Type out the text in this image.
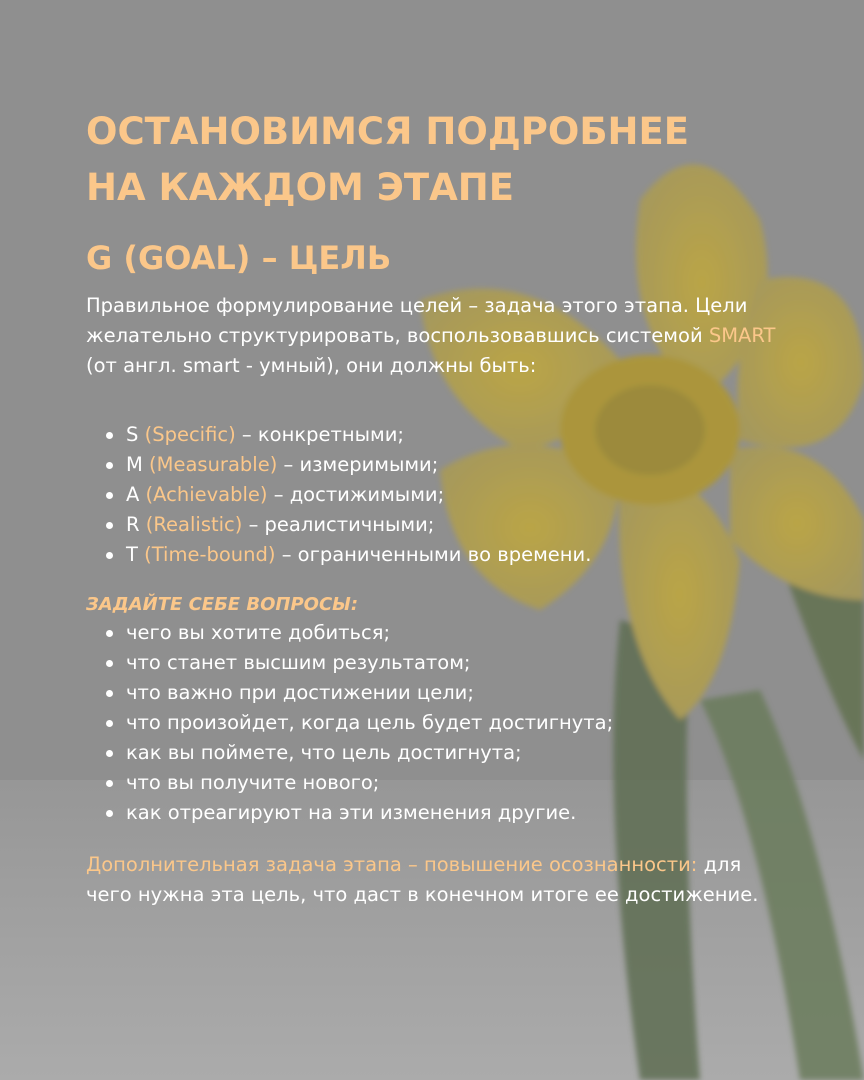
ОСТАНОВИМСЯ ПОДРОБНЕЕ
НА КАЖДОМ ЭТАПЕ
G (GOAL) – ЦЕЛЬ

Правильное формулирование целей – задача этого этапа. Цели желательно структурировать, воспользовавшись системой SMART (от англ. smart - умный), они должны быть:

S (Specific) – конкретными;
M (Measurable) – измеримыми;
A (Achievable) – достижимыми;
R (Realistic) – реалистичными;
T (Time-bound) – ограниченными во времени.
ЗАДАЙТЕ СЕБЕ ВОПРОСЫ:
чего вы хотите добиться;
что станет высшим результатом;
что важно при достижении цели;
что произойдет, когда цель будет достигнута;
как вы поймете, что цель достигнута;
что вы получите нового;
как отреагируют на эти изменения другие.

Дополнительная задача этапа – повышение осознанности: для чего нужна эта цель, что даст в конечном итоге ее достижение.
